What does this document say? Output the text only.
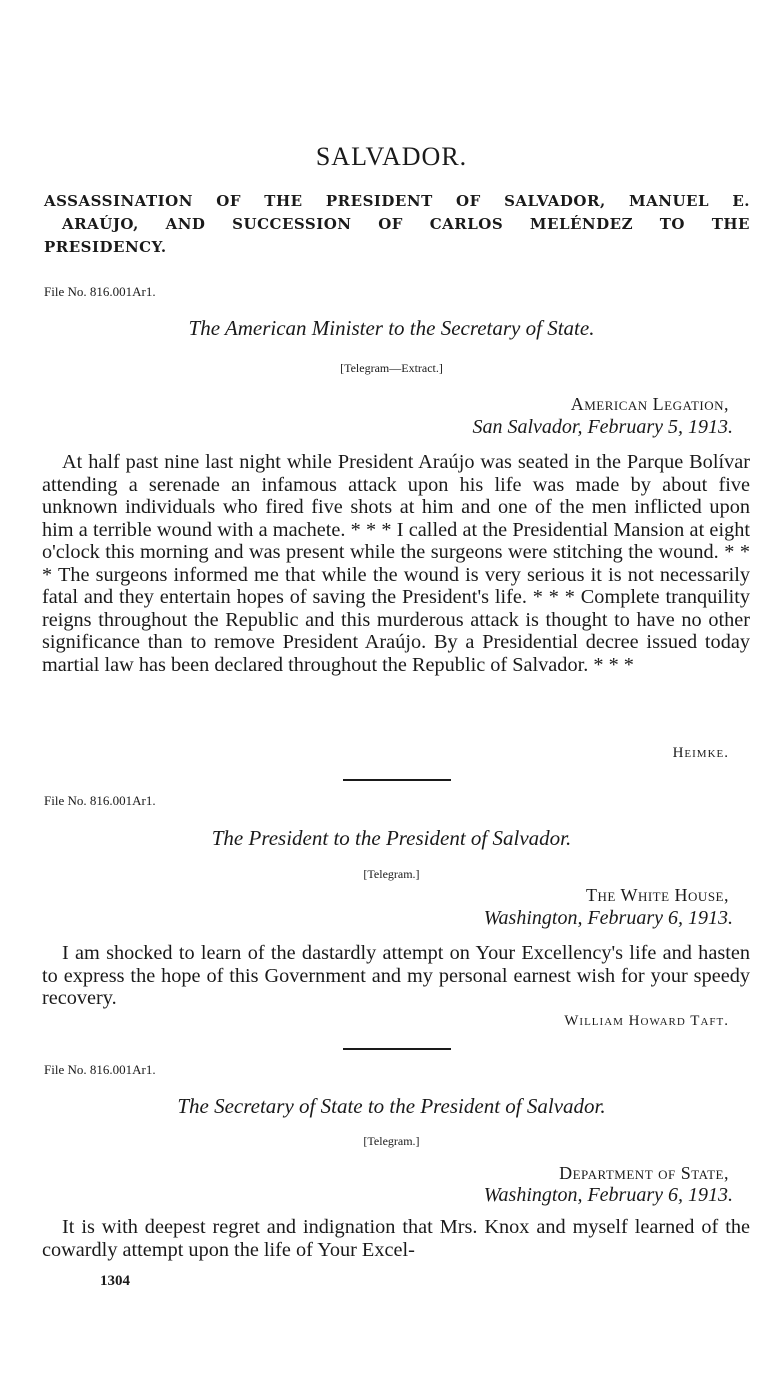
SALVADOR.
ASSASSINATION OF THE PRESIDENT OF SALVADOR, MANUEL E.
ARAÚJO, AND SUCCESSION OF CARLOS MELÉNDEZ TO THE
PRESIDENCY.
File No. 816.001Ar1.
The American Minister to the Secretary of State.
[Telegram—Extract.]
American Legation,
San Salvador, February 5, 1913.
At half past nine last night while President Araújo was seated in the Parque Bolívar attending a serenade an infamous attack upon his life was made by about five unknown individuals who fired five shots at him and one of the men inflicted upon him a terrible wound with a machete. * * * I called at the Presidential Mansion at eight o'clock this morning and was present while the surgeons were stitching the wound. * * * The surgeons informed me that while the wound is very serious it is not necessarily fatal and they entertain hopes of saving the President's life. * * * Complete tranquility reigns throughout the Republic and this murderous attack is thought to have no other significance than to remove President Araújo. By a Presidential decree issued today martial law has been declared throughout the Republic of Salvador. * * *
Heimke.
File No. 816.001Ar1.
The President to the President of Salvador.
[Telegram.]
The White House,
Washington, February 6, 1913.
I am shocked to learn of the dastardly attempt on Your Excellency's life and hasten to express the hope of this Government and my personal earnest wish for your speedy recovery.
William Howard Taft.
File No. 816.001Ar1.
The Secretary of State to the President of Salvador.
[Telegram.]
Department of State,
Washington, February 6, 1913.
It is with deepest regret and indignation that Mrs. Knox and myself learned of the cowardly attempt upon the life of Your Excel-
1304
